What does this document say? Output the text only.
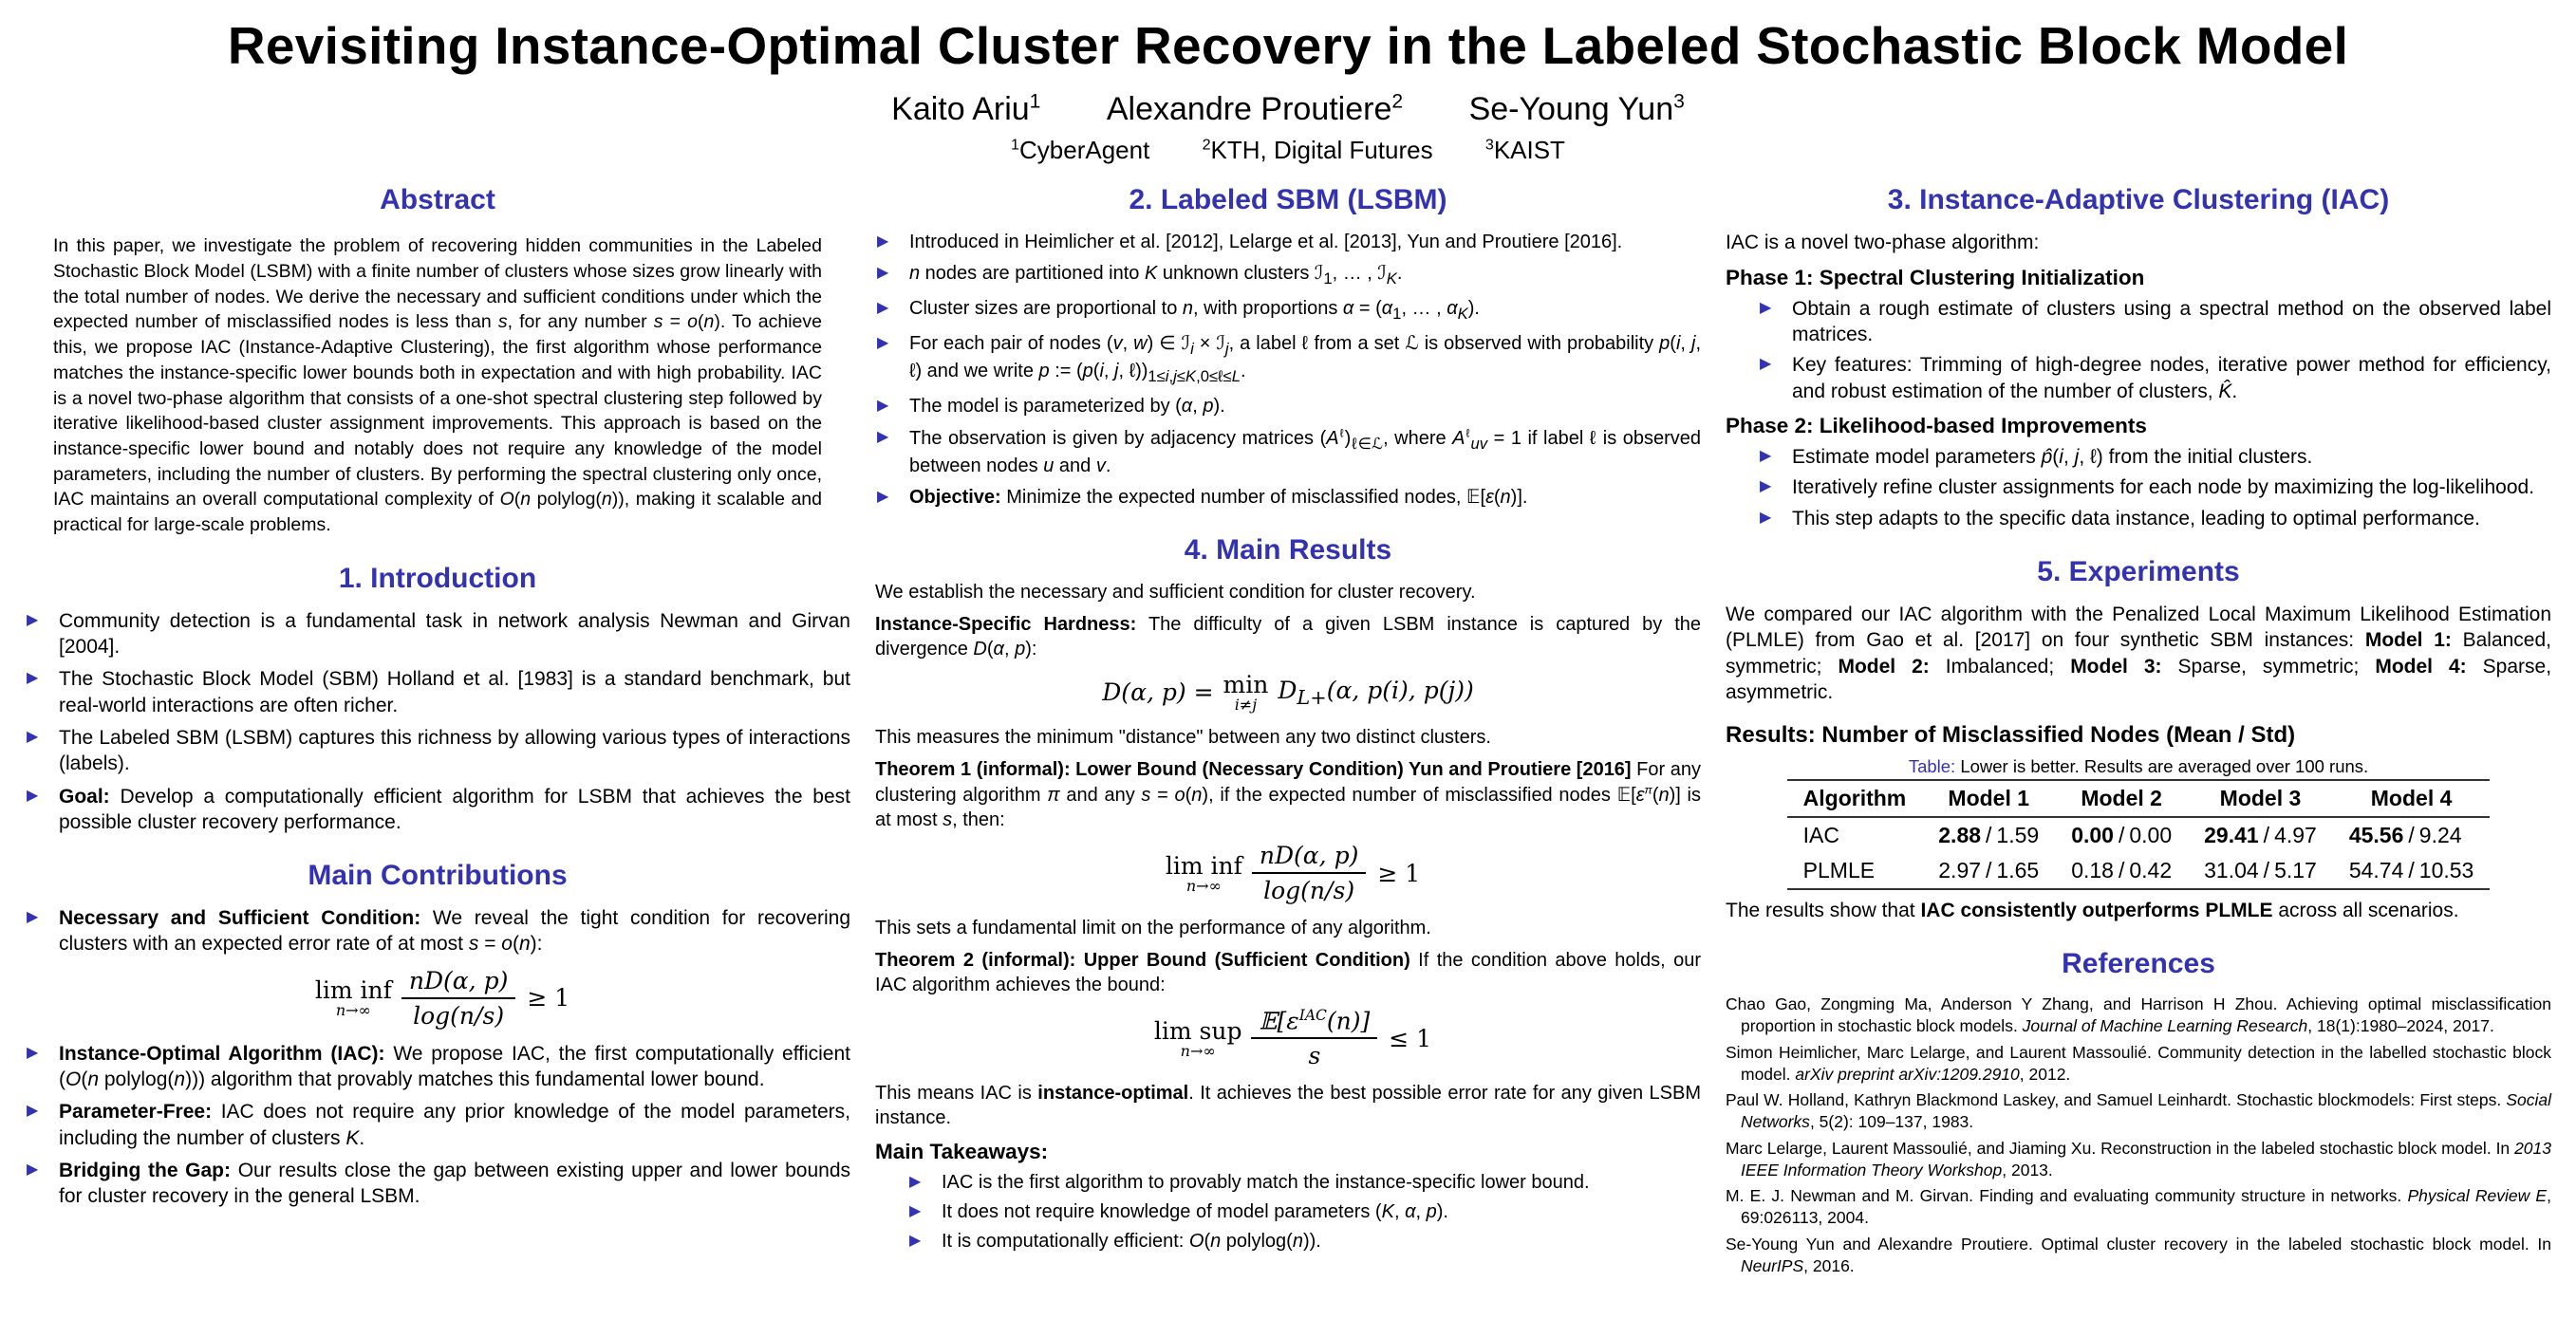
Revisiting Instance-Optimal Cluster Recovery in the Labeled Stochastic Block Model
Kaito Ariu$^1$ Alexandre Proutiere$^2$ Se-Young Yun$^3$
$^1$CyberAgent	$^2$KTH, Digital Futures	$^3$KAIST
Abstract
In this paper, we investigate the problem of recovering hidden communities in the Labeled Stochastic Block Model (LSBM) with a finite number of clusters whose sizes grow linearly with the total number of nodes. We derive the necessary and sufficient conditions under which the expected number of misclassified nodes is less than s, for any number s = o(n). To achieve this, we propose IAC (Instance-Adaptive Clustering), the first algorithm whose performance matches the instance-specific lower bounds both in expectation and with high probability. IAC is a novel two-phase algorithm that consists of a one-shot spectral clustering step followed by iterative likelihood-based cluster assignment improvements. This approach is based on the instance-specific lower bound and notably does not require any knowledge of the model parameters, including the number of clusters. By performing the spectral clustering only once, IAC maintains an overall computational complexity of O(n polylog(n)), making it scalable and practical for large-scale problems.
1. Introduction
▶	Community detection is a fundamental task in network analysis Newman and Girvan [2004].
▶	The Stochastic Block Model (SBM) Holland et al. [1983] is a standard benchmark, but real-world interactions are often richer.
▶	The Labeled SBM (LSBM) captures this richness by allowing various types of interactions (labels).
▶	Goal: Develop a computationally efficient algorithm for LSBM that achieves the best possible cluster recovery performance.
Main Contributions
▶	Necessary and Sufficient Condition: We reveal the tight condition for recovering clusters with an expected error rate of at most s = o(n):
lim inf
$n\to\infty \frac{nD(\alpha, p)}{\log(n/s)} \ge 1$
▶	Instance-Optimal Algorithm (IAC): We propose IAC, the first computationally efficient (O(n polylog(n))) algorithm that provably matches this fundamental lower bound.
▶	Parameter-Free: IAC does not require any prior knowledge of the model parameters, including the number of clusters K.
▶	Bridging the Gap: Our results close the gap between existing upper and lower bounds for cluster recovery in the general LSBM.
2. Labeled SBM (LSBM)
▶	Introduced in Heimlicher et al. [2012], Lelarge et al. [2013], Yun and Proutiere [2016].
▶	n nodes are partitioned into K unknown clusters ℐ$_1$, … , ℐ$_K$.
▶	Cluster sizes are proportional to n, with proportions $\alpha = (\alpha_1$, … , $\alpha_K$).
▶	For each pair of nodes (v, w) ∈ ℐ$_i$ × ℐ$_j$, a label ℓ from a set ℒ is observed with probability p(i, j, ℓ) and we write p := (p(i, j, $\ell))_{1\le i,j\le K,0\le\ell\le L}$.
▶	The model is parameterized by (α, p).
▶	The observation is given by adjacency matrices $(A^\ell)_{\ell\in ℒ}$, where $A^\ell_{uv} = 1$ if label ℓ is observed between nodes u and v.
▶	Objective: Minimize the expected number of misclassified nodes, 𝔼[ε(n)].
4. Main Results
We establish the necessary and sufficient condition for cluster recovery.
Instance-Specific Hardness: The difficulty of a given LSBM instance is captured by the divergence D(α, p):
D(α, p) = min
i≠j
$D_{L+}(\alpha$, p(i), p(j))
This measures the minimum "distance" between any two distinct clusters.
Theorem 1 (informal): Lower Bound (Necessary Condition) Yun and Proutiere [2016] For any clustering algorithm π and any s = o(n), if the expected number of misclassified nodes $𝔼[\varepsilon^\pi(n)]$ is at most s, then:
lim inf
$n\to\infty \frac{nD(\alpha, p)}{\log(n/s)} \ge 1$
This sets a fundamental limit on the performance of any algorithm.
Theorem 2 (informal): Upper Bound (Sufficient Condition) If the condition above holds, our IAC algorithm achieves the bound:
lim sup
$n\to\infty \frac{𝔼[\varepsilon^{IAC}(n)]}{s} \le 1$
This means IAC is instance-optimal. It achieves the best possible error rate for any given LSBM instance.
Main Takeaways:
▶	IAC is the first algorithm to provably match the instance-specific lower bound.
▶	It does not require knowledge of model parameters (K, α, p).
▶	It is computationally efficient: O(n polylog(n)).
3. Instance-Adaptive Clustering (IAC)
IAC is a novel two-phase algorithm:
Phase 1: Spectral Clustering Initialization
▶	Obtain a rough estimate of clusters using a spectral method on the observed label matrices.
▶	Key features: Trimming of high-degree nodes, iterative power method for efficiency, and robust estimation of the number of clusters, K̂.
Phase 2: Likelihood-based Improvements
▶	Estimate model parameters p̂(i, j, ℓ) from the initial clusters.
▶	Iteratively refine cluster assignments for each node by maximizing the log-likelihood.
▶	This step adapts to the specific data instance, leading to optimal performance.
5. Experiments
We compared our IAC algorithm with the Penalized Local Maximum Likelihood Estimation (PLMLE) from Gao et al. [2017] on four synthetic SBM instances: Model 1: Balanced, symmetric; Model 2: Imbalanced; Model 3: Sparse, symmetric; Model 4: Sparse, asymmetric.
Results: Number of Misclassified Nodes (Mean / Std)
Table: Lower is better. Results are averaged over 100 runs.
Algorithm	Model 1	Model 2	Model 3	Model 4
IAC	2.88 / 1.59	0.00 / 0.00	29.41 / 4.97	45.56 / 9.24
PLMLE	2.97 / 1.65	0.18 / 0.42	31.04 / 5.17	54.74 / 10.53
The results show that IAC consistently outperforms PLMLE across all scenarios.
References
Chao Gao, Zongming Ma, Anderson Y Zhang, and Harrison H Zhou. Achieving optimal misclassification proportion in stochastic block models. Journal of Machine Learning Research, 18(1):1980–2024, 2017.
Simon Heimlicher, Marc Lelarge, and Laurent Massoulié. Community detection in the labelled stochastic block model. arXiv preprint arXiv:1209.2910, 2012.
Paul W. Holland, Kathryn Blackmond Laskey, and Samuel Leinhardt. Stochastic blockmodels: First steps. Social Networks, 5(2): 109–137, 1983.
Marc Lelarge, Laurent Massoulié, and Jiaming Xu. Reconstruction in the labeled stochastic block model. In 2013 IEEE Information Theory Workshop, 2013.
M. E. J. Newman and M. Girvan. Finding and evaluating community structure in networks. Physical Review E, 69:026113, 2004.
Se-Young Yun and Alexandre Proutiere. Optimal cluster recovery in the labeled stochastic block model. In NeurIPS, 2016.
